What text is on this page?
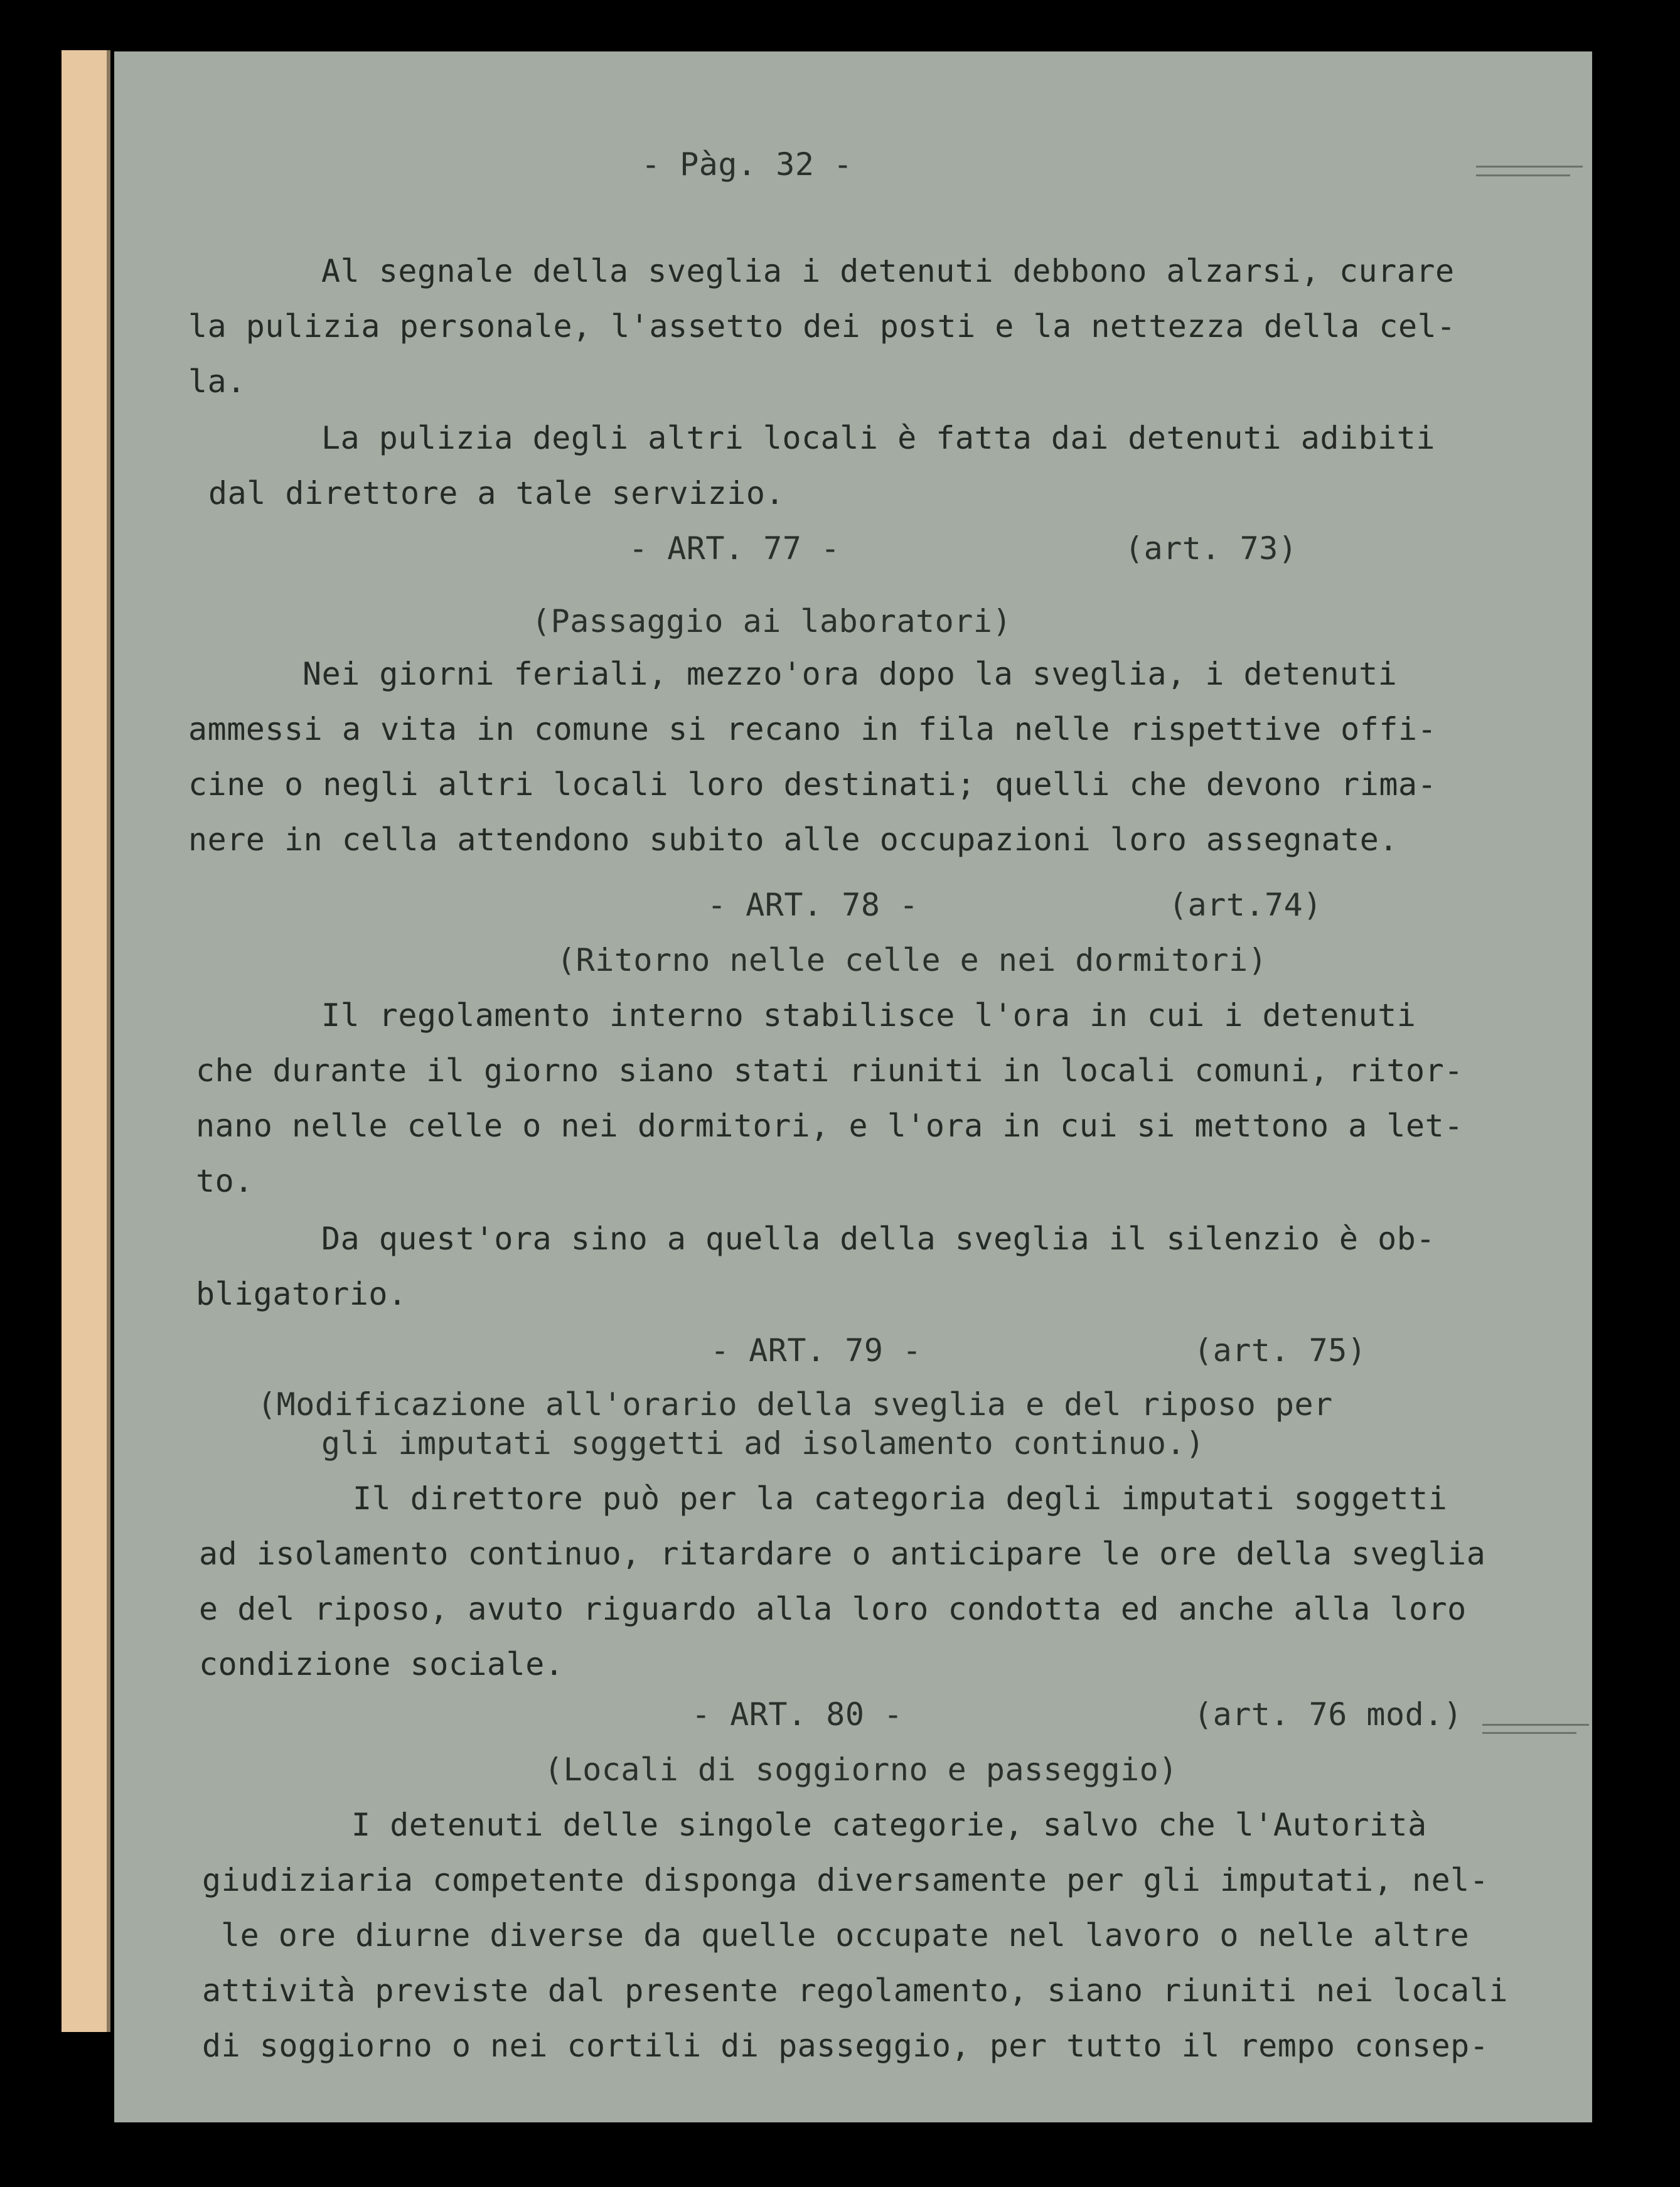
- Pàg. 32 -
Al segnale della sveglia i detenuti debbono alzarsi, curare
la pulizia personale, l'assetto dei posti e la nettezza della cel-
la.
La pulizia degli altri locali è fatta dai detenuti adibiti
dal direttore a tale servizio.
- ART. 77 -	(art. 73)
(Passaggio ai laboratori)
Nei giorni feriali, mezzo'ora dopo la sveglia, i detenuti
ammessi a vita in comune si recano in fila nelle rispettive offi-
cine o negli altri locali loro destinati; quelli che devono rima-
nere in cella attendono subito alle occupazioni loro assegnate.
- ART. 78 -	(art.74)
(Ritorno nelle celle e nei dormitori)
Il regolamento interno stabilisce l'ora in cui i detenuti
che durante il giorno siano stati riuniti in locali comuni, ritor-
nano nelle celle o nei dormitori, e l'ora in cui si mettono a let-
to.
Da quest'ora sino a quella della sveglia il silenzio è ob-
bligatorio.
- ART. 79 -	(art. 75)
(Modificazione all'orario della sveglia e del riposo per
gli imputati soggetti ad isolamento continuo.)
Il direttore può per la categoria degli imputati soggetti
ad isolamento continuo, ritardare o anticipare le ore della sveglia
e del riposo, avuto riguardo alla loro condotta ed anche alla loro
condizione sociale.
- ART. 80 -	(art. 76 mod.)
(Locali di soggiorno e passeggio)
I detenuti delle singole categorie, salvo che l'Autorità
giudiziaria competente disponga diversamente per gli imputati, nel-
le ore diurne diverse da quelle occupate nel lavoro o nelle altre
attività previste dal presente regolamento, siano riuniti nei locali
di soggiorno o nei cortili di passeggio, per tutto il rempo consep-
